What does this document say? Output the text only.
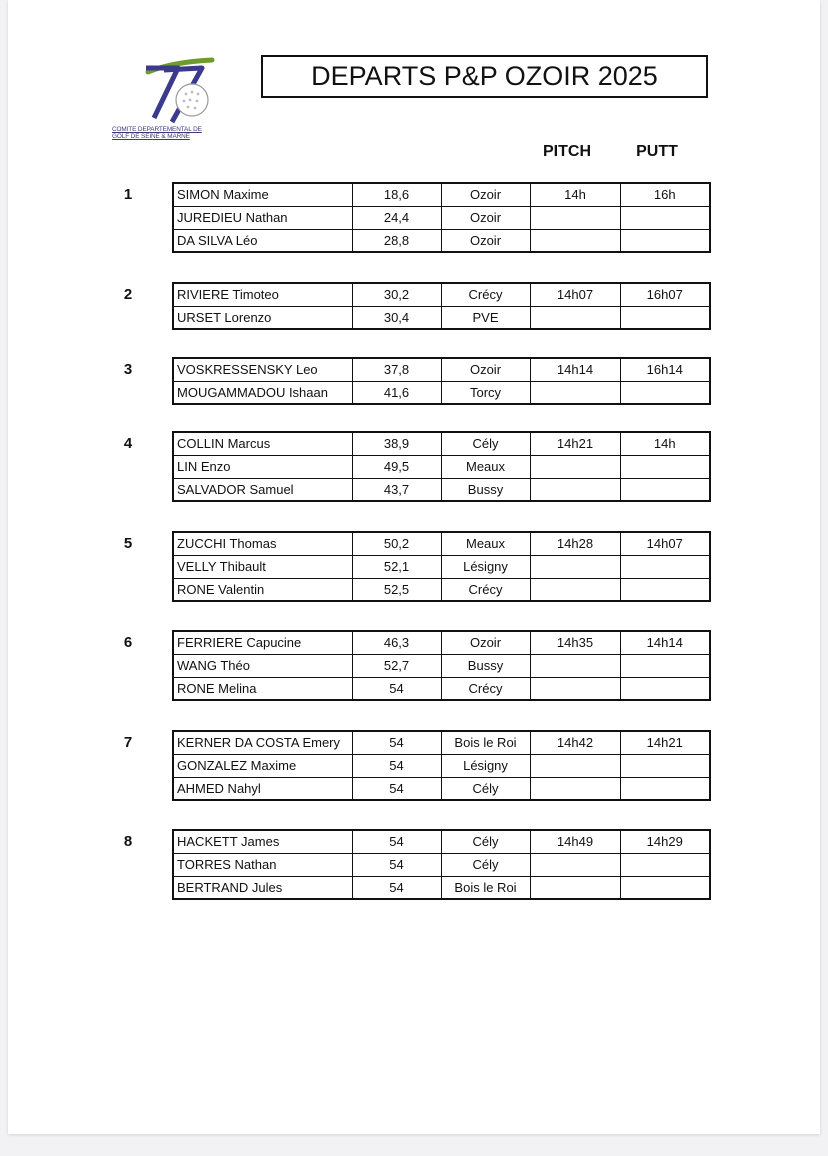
COMITE DEPARTEMENTAL DE
GOLF DE SEINE & MARNE
DEPARTS P&P OZOIR 2025
PITCH	PUTT
1	SIMON Maxime	18,6	Ozoir	14h	16h
JUREDIEU Nathan	24,4	Ozoir		
DA SILVA Léo	28,8	Ozoir		
2	RIVIERE Timoteo	30,2	Crécy	14h07	16h07
URSET Lorenzo	30,4	PVE		
3	VOSKRESSENSKY Leo	37,8	Ozoir	14h14	16h14
MOUGAMMADOU Ishaan	41,6	Torcy		
4	COLLIN Marcus	38,9	Cély	14h21	14h
LIN Enzo	49,5	Meaux		
SALVADOR Samuel	43,7	Bussy		
5	ZUCCHI Thomas	50,2	Meaux	14h28	14h07
VELLY Thibault	52,1	Lésigny		
RONE Valentin	52,5	Crécy		
6	FERRIERE Capucine	46,3	Ozoir	14h35	14h14
WANG Théo	52,7	Bussy		
RONE Melina	54	Crécy		
7	KERNER DA COSTA Emery	54	Bois le Roi	14h42	14h21
GONZALEZ Maxime	54	Lésigny		
AHMED Nahyl	54	Cély		
8	HACKETT James	54	Cély	14h49	14h29
TORRES Nathan	54	Cély		
BERTRAND Jules	54	Bois le Roi		
